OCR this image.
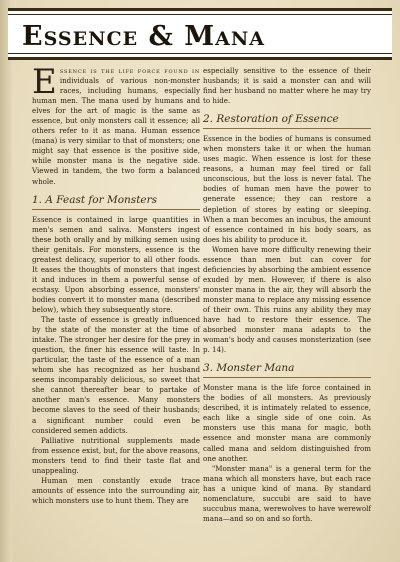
Essence & Mana

Essence is the life force found in individuals of various non-monster races, including humans, especially human men. The mana used by humans and elves for the art of magic is the same as essence, but only monsters call it essence; all others refer to it as mana. Human essence (mana) is very similar to that of monsters; one might say that essence is the positive side, while monster mana is the negative side. Viewed in tandem, the two form a balanced whole.

1. A Feast for Monsters

Essence is contained in large quantities in men's semen and saliva. Monsters ingest these both orally and by milking semen using their genitals. For monsters, essence is the greatest delicacy, superior to all other foods. It eases the thoughts of monsters that ingest it and induces in them a powerful sense of ecstasy. Upon absorbing essence, monsters' bodies convert it to monster mana (described below), which they subsequently store.

The taste of essence is greatly influenced by the state of the monster at the time of intake. The stronger her desire for the prey in question, the finer his essence will taste. In particular, the taste of the essence of a man whom she has recognized as her husband seems incomparably delicious, so sweet that she cannot thereafter bear to partake of another man's essence. Many monsters become slaves to the seed of their husbands; a significant number could even be considered semen addicts.

Palliative nutritional supplements made from essence exist, but, for the above reasons, monsters tend to find their taste flat and unappealing.

Human men constantly exude trace amounts of essence into the surrounding air, which monsters use to hunt them. They are

especially sensitive to the essence of their husbands; it is said a monster can and will find her husband no matter where he may try to hide.

2. Restoration of Essence

Essence in the bodies of humans is consumed when monsters take it or when the human uses magic. When essence is lost for these reasons, a human may feel tired or fall unconscious, but the loss is never fatal. The bodies of human men have the power to generate essence; they can restore a depletion of stores by eating or sleeping. When a man becomes an incubus, the amount of essence contained in his body soars, as does his ability to produce it.

Women have more difficulty renewing their essence than men but can cover for deficiencies by absorbing the ambient essence exuded by men. However, if there is also monster mana in the air, they will absorb the monster mana to replace any missing essence of their own. This ruins any ability they may have had to restore their essence. The absorbed monster mana adapts to the woman's body and causes monsterization (see p. 14).

3. Monster Mana

Monster mana is the life force contained in the bodies of all monsters. As previously described, it is intimately related to essence, each like a single side of one coin. As monsters use this mana for magic, both essence and monster mana are commonly called mana and seldom distinguished from one another.

"Monster mana" is a general term for the mana which all monsters have, but each race has a unique kind of mana. By standard nomenclature, succubi are said to have succubus mana, werewolves to have werewolf mana—and so on and so forth.
